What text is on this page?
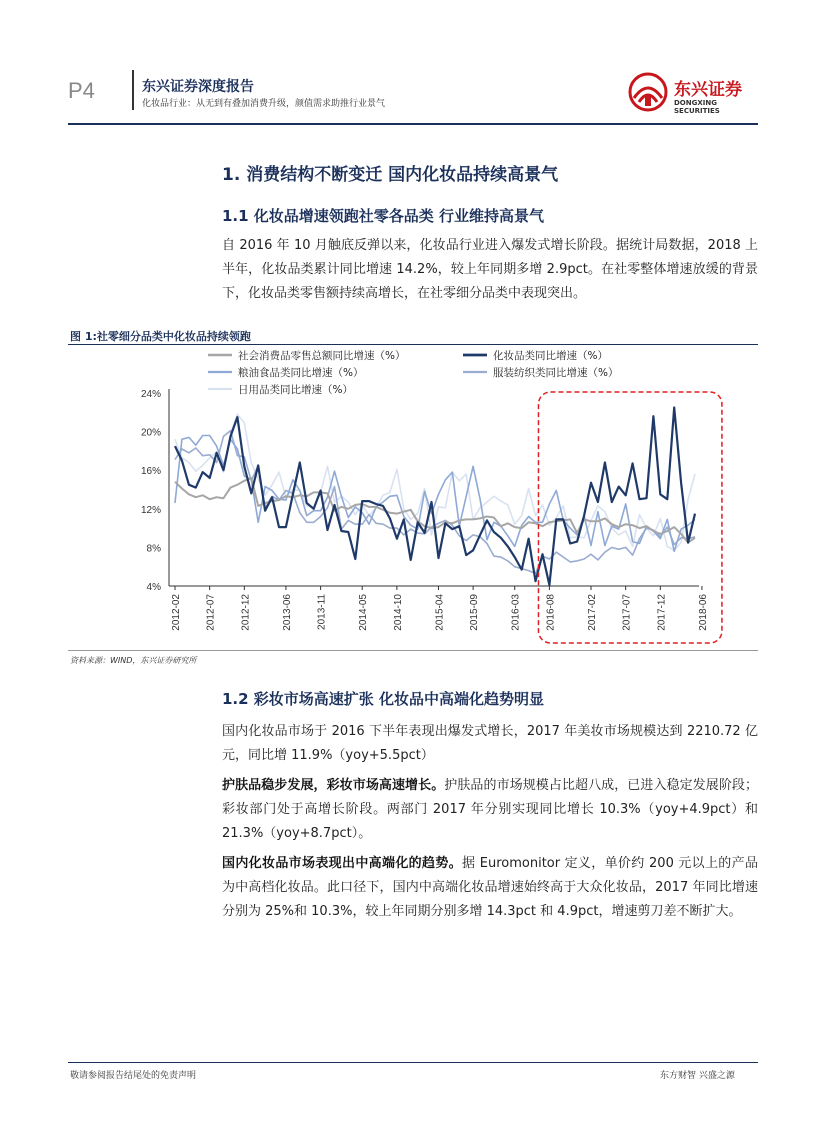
P4	东兴证券深度报告
化妆品行业：从无到有叠加消费升级，颜值需求助推行业景气
东兴证券
DONGXING SECURITIES
1. 消费结构不断变迁 国内化妆品持续高景气
1.1 化妆品增速领跑社零各品类 行业维持高景气
自 2016 年 10 月触底反弹以来，化妆品行业进入爆发式增长阶段。据统计局数据，2018 上半年，化妆品类累计同比增速 14.2%，较上年同期多增 2.9pct。在社零整体增速放缓的背景下，化妆品类零售额持续高增长，在社零细分品类中表现突出。
图 1:社零细分品类中化妆品持续领跑
4%
8%
12%
16%
20%
24%
2012-02 2012-07 2012-12	2013-06 2013-11	2014-05 2014-10	2015-04 2015-09	2016-03 2016-08	2017-02 2017-07 2017-12	2018-06
社会消费品零售总额同比增速（%）	化妆品类同比增速（%）
粮油食品类同比增速（%）	服装纺织类同比增速（%）
日用品类同比增速（%）
资料来源：WIND，东兴证券研究所
1.2 彩妆市场高速扩张 化妆品中高端化趋势明显
国内化妆品市场于 2016 下半年表现出爆发式增长，2017 年美妆市场规模达到 2210.72 亿元，同比增 11.9%（yoy+5.5pct）
护肤品稳步发展，彩妆市场高速增长。护肤品的市场规模占比超八成，已进入稳定发展阶段；彩妆部门处于高增长阶段。两部门 2017 年分别实现同比增长 10.3%（yoy+4.9pct）和 21.3%（yoy+8.7pct）。
国内化妆品市场表现出中高端化的趋势。据 Euromonitor 定义，单价约 200 元以上的产品为中高档化妆品。此口径下，国内中高端化妆品增速始终高于大众化妆品，2017 年同比增速分别为 25%和 10.3%，较上年同期分别多增 14.3pct 和 4.9pct，增速剪刀差不断扩大。
敬请参阅报告结尾处的免责声明	东方财智 兴盛之源
